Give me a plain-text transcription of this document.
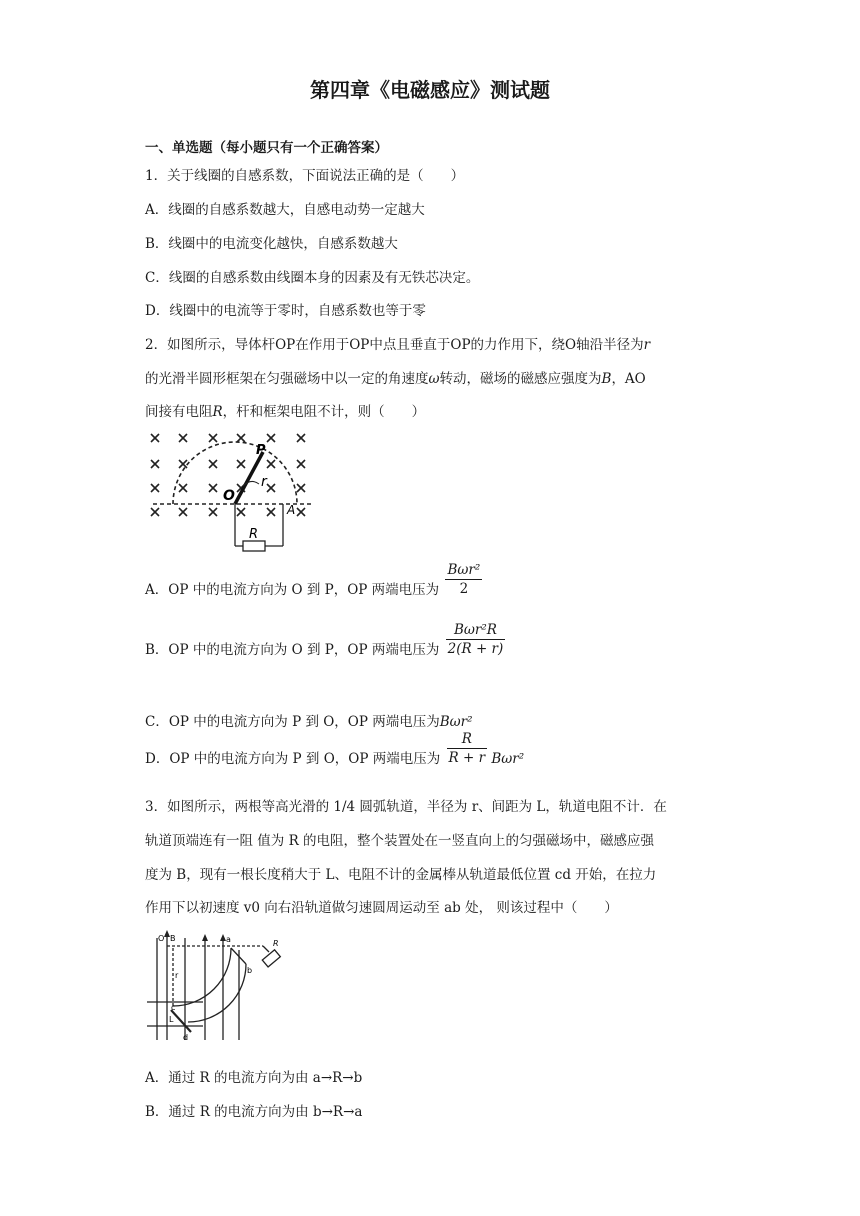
第四章《电磁感应》测试题
一、单选题（每小题只有一个正确答案）
1．关于线圈的自感系数，下面说法正确的是（　　）
A．线圈的自感系数越大，自感电动势一定越大
B．线圈中的电流变化越快，自感系数越大
C．线圈的自感系数由线圈本身的因素及有无铁芯决定。
D．线圈中的电流等于零时，自感系数也等于零
2．如图所示，导体杆OP在作用于OP中点且垂直于OP的力作用下，绕O轴沿半径为r
的光滑半圆形框架在匀强磁场中以一定的角速度ω转动，磁场的磁感应强度为B，AO
间接有电阻R，杆和框架电阻不计，则（　　）
P
O
r
A
R
A．OP 中的电流方向为 O 到 P，OP 两端电压为 $\frac{\text{Bωr²}}{2}$
B．OP 中的电流方向为 O 到 P，OP 两端电压为 $\frac{\text{Bωr²R}}{2(R + r)}$
C．OP 中的电流方向为 P 到 O，OP 两端电压为Bωr²
D．OP 中的电流方向为 P 到 O，OP 两端电压为 $\frac{R}{R + r} B\omega r^2$
3．如图所示，两根等高光滑的 1/4 圆弧轨道，半径为 r、间距为 L，轨道电阻不计．在
轨道顶端连有一阻 值为 R 的电阻，整个装置处在一竖直向上的匀强磁场中，磁感应强
度为 B，现有一根长度稍大于 L、电阻不计的金属棒从轨道最低位置 cd 开始，在拉力
作用下以初速度 v0 向右沿轨道做匀速圆周运动至 ab 处， 则该过程中（　　）
O B
r
a
b
c
d
L
R
A．通过 R 的电流方向为由 a→R→b
B．通过 R 的电流方向为由 b→R→a
